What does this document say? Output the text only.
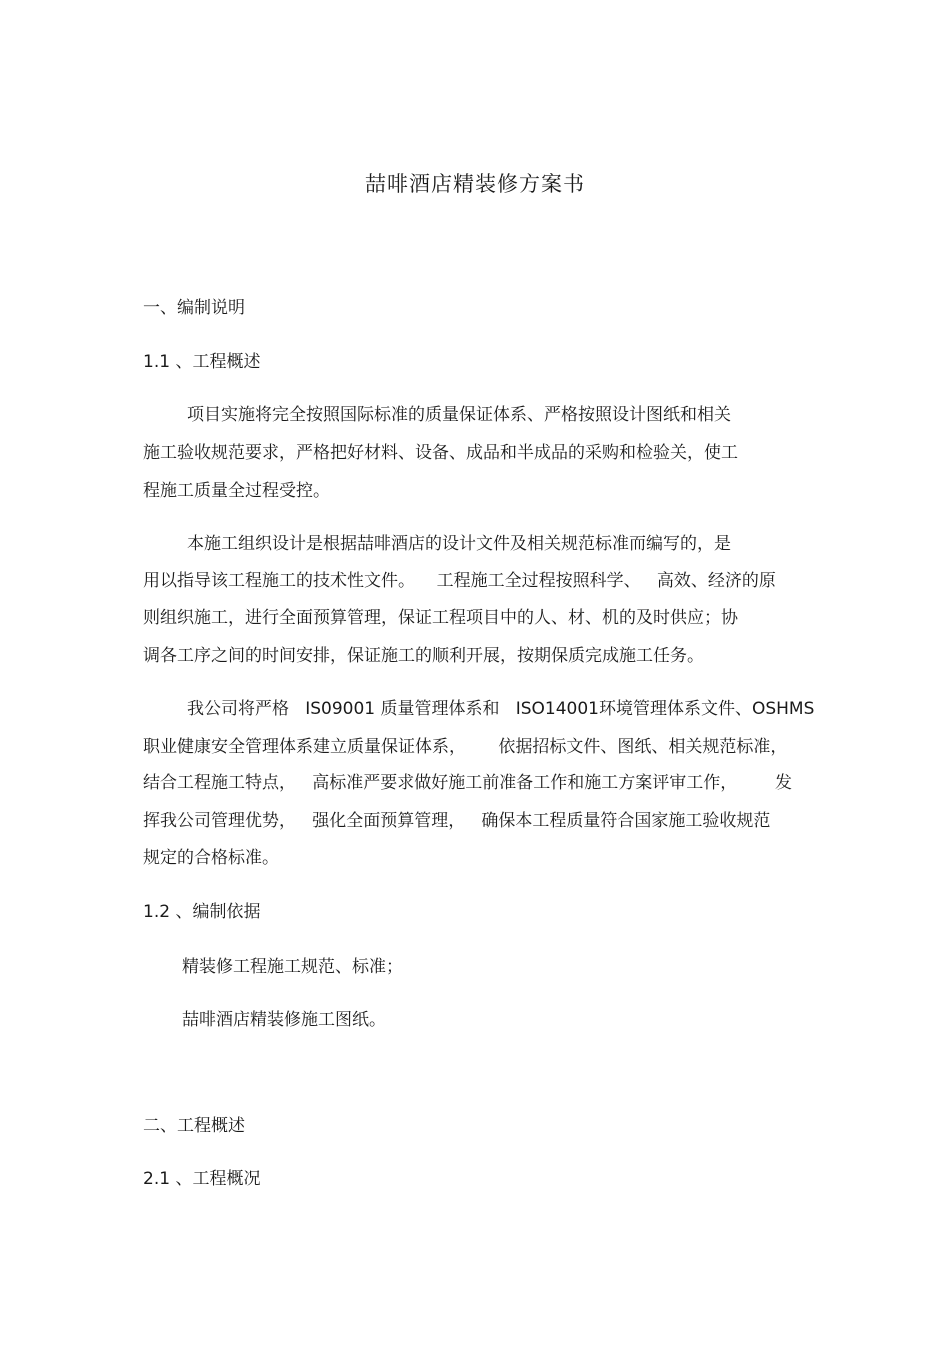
喆啡酒店精装修方案书
一、编制说明
1.1 、工程概述
项目实施将完全按照国际标准的质量保证体系、严格按照设计图纸和相关
施工验收规范要求，严格把好材料、设备、成品和半成品的采购和检验关，使工
程施工质量全过程受控。
本施工组织设计是根据喆啡酒店的设计文件及相关规范标准而编写的，是
用以指导该工程施工的技术性文件。    工程施工全过程按照科学、   高效、经济的原
则组织施工，进行全面预算管理，保证工程项目中的人、材、机的及时供应；协
调各工序之间的时间安排，保证施工的顺利开展，按期保质完成施工任务。
我公司将严格   IS09001 质量管理体系和   ISO14001环境管理体系文件、OSHMS
职业健康安全管理体系建立质量保证体系，      依据招标文件、图纸、相关规范标准，
结合工程施工特点，   高标准严要求做好施工前准备工作和施工方案评审工作，       发
挥我公司管理优势，   强化全面预算管理，   确保本工程质量符合国家施工验收规范
规定的合格标准。
1.2 、编制依据
精装修工程施工规范、标准；
喆啡酒店精装修施工图纸。
二、工程概述
2.1 、工程概况
